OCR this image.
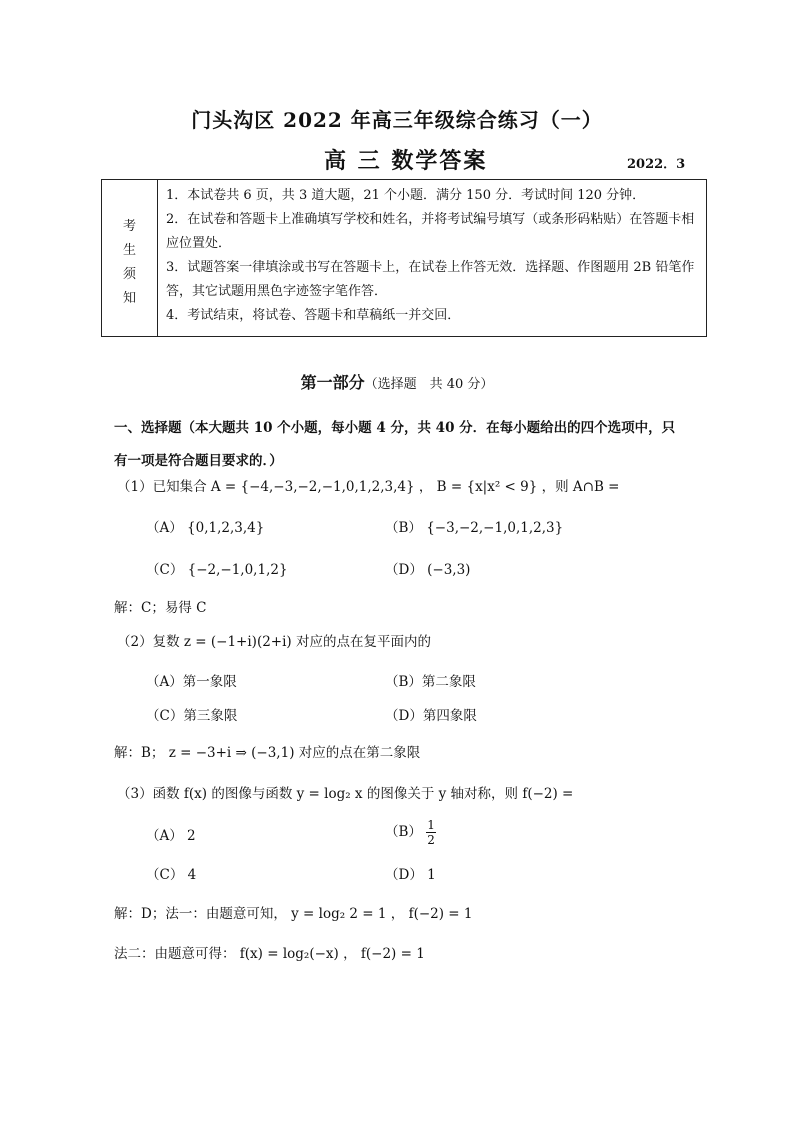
门头沟区 2022 年高三年级综合练习（一）
高 三 数学答案	2022．3
考
生
须
知

1．本试卷共 6 页，共 3 道大题，21 个小题．满分 150 分．考试时间 120 分钟．
2．在试卷和答题卡上准确填写学校和姓名，并将考试编号填写（或条形码粘贴）在答题卡相应位置处．
3．试题答案一律填涂或书写在答题卡上，在试卷上作答无效．选择题、作图题用 2B 铅笔作答，其它试题用黑色字迹签字笔作答．
4．考试结束，将试卷、答题卡和草稿纸一并交回．
第一部分（选择题　共 40 分）
一、选择题（本大题共 10 个小题，每小题 4 分，共 40 分．在每小题给出的四个选项中，只
有一项是符合题目要求的．）
（1）已知集合 A = {−4,−3,−2,−1,0,1,2,3,4} ， B = {x|x² < 9} ，则 A∩B =
（A） {0,1,2,3,4}	（B） {−3,−2,−1,0,1,2,3}
（C） {−2,−1,0,1,2}	（D） (−3,3)
解：C；易得 C
（2）复数 z = (−1+i)(2+i) 对应的点在复平面内的
（A）第一象限	（B）第二象限
（C）第三象限	（D）第四象限
解：B； z = −3+i ⇒ (−3,1) 对应的点在第二象限
（3）函数 f(x) 的图像与函数 y = log₂ x 的图像关于 y 轴对称，则 f(−2) =
（A） 2	$(B) \frac{1}{2}$
（C） 4	（D） 1
解：D；法一：由题意可知， y = log₂ 2 = 1 ， f(−2) = 1
法二：由题意可得： f(x) = log₂(−x) ， f(−2) = 1
